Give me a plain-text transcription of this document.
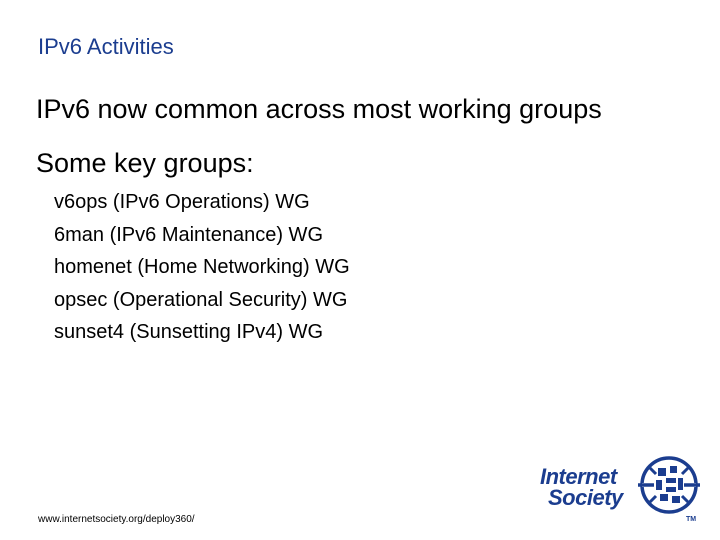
IPv6 Activities
IPv6 now common across most working groups
Some key groups:
v6ops (IPv6 Operations) WG
6man (IPv6 Maintenance) WG
homenet (Home Networking) WG
opsec (Operational Security) WG
sunset4 (Sunsetting IPv4) WG
www.internetsociety.org/deploy360/
Internet
Society
TM
